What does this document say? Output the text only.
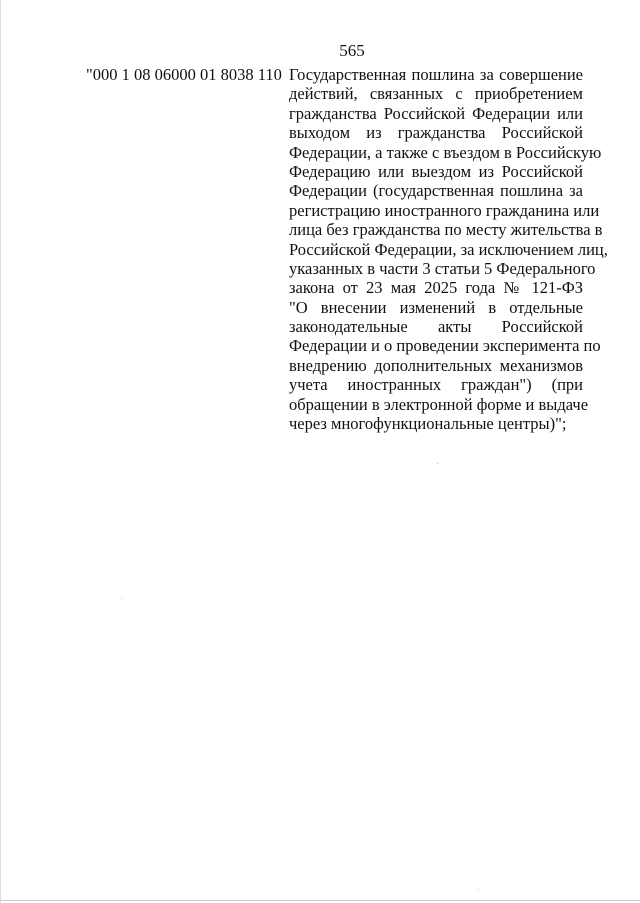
565
"000 1 08 06000 01 8038 110 Государственная пошлина за совершение
действий, связанных с приобретением
гражданства Российской Федерации или
выходом из гражданства Российской
Федерации, а также с въездом в Российскую
Федерацию или выездом из Российской
Федерации (государственная пошлина за
регистрацию иностранного гражданина или
лица без гражданства по месту жительства в
Российской Федерации, за исключением лиц,
указанных в части 3 статьи 5 Федерального
закона от 23 мая 2025 года № 121-ФЗ
"О внесении изменений в отдельные
законодательные акты Российской
Федерации и о проведении эксперимента по
внедрению дополнительных механизмов
учета иностранных граждан") (при
обращении в электронной форме и выдаче
через многофункциональные центры)";
